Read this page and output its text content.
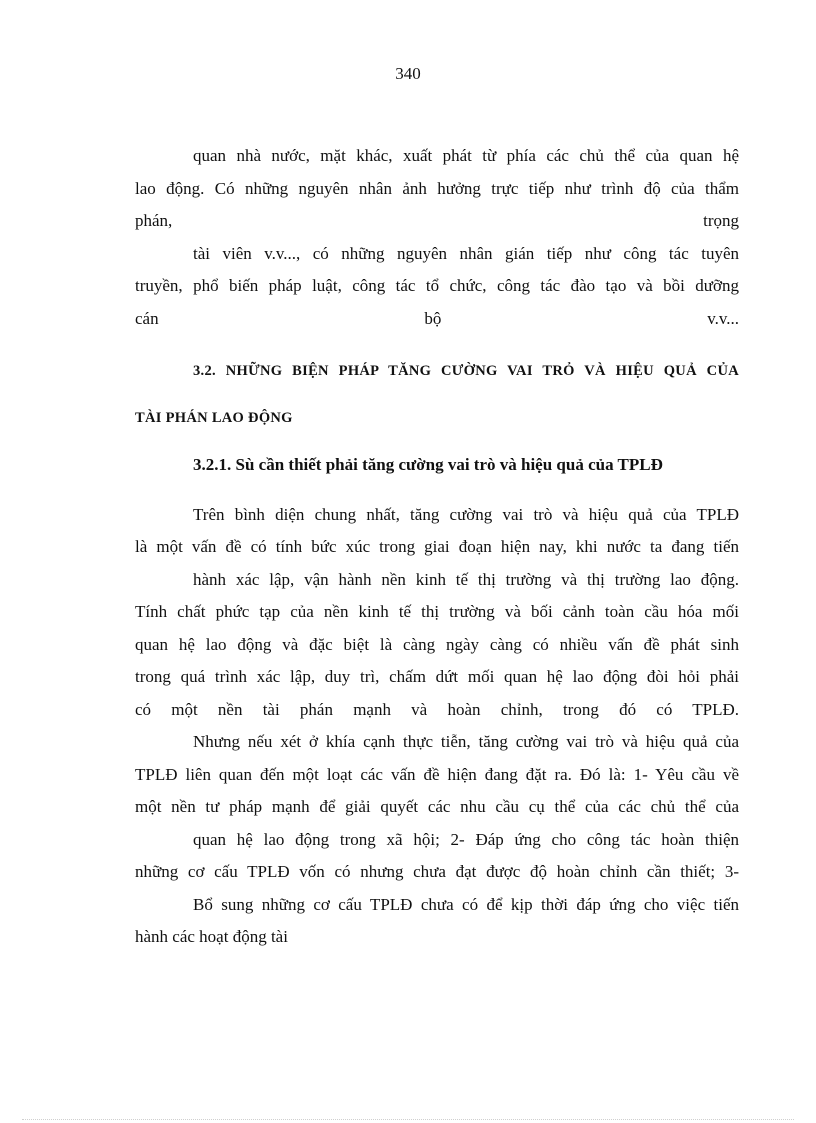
340

quan nhà nước, mặt khác, xuất phát từ phía các chủ thể của quan hệ

lao động. Có những nguyên nhân ảnh hưởng trực tiếp như trình độ của thẩm

phán, trọng

tài viên v.v..., có những nguyên nhân gián tiếp như công tác tuyên

truyền, phổ biến pháp luật, công tác tổ chức, công tác đào tạo và bồi dưỡng

cán bộ v.v...

3.2. NHỮNG BIỆN PHÁP TĂNG CƯỜNG VAI TRỎ VÀ HIỆU QUẢ CỦA

TÀI PHÁN LAO ĐỘNG

3.2.1. Sù cần thiết phải tăng cường vai trò và hiệu quả của TPLĐ

Trên bình diện chung nhất, tăng cường vai trò và hiệu quả của TPLĐ

là một vấn đề có tính bức xúc trong giai đoạn hiện nay, khi nước ta đang tiến

hành xác lập, vận hành nền kinh tế thị trường và thị trường lao động.

Tính chất phức tạp của nền kinh tế thị trường và bối cảnh toàn cầu hóa mối

quan hệ lao động và đặc biệt là càng ngày càng có nhiều vấn đề phát sinh

trong quá trình xác lập, duy trì, chấm dứt mối quan hệ lao động đòi hỏi phải

có một nền tài phán mạnh và hoàn chỉnh, trong đó có TPLĐ.

Nhưng nếu xét ở khía cạnh thực tiễn, tăng cường vai trò và hiệu quả của

TPLĐ liên quan đến một loạt các vấn đề hiện đang đặt ra. Đó là: 1- Yêu cầu về

một nền tư pháp mạnh để giải quyết các nhu cầu cụ thể của các chủ thể của

quan hệ lao động trong xã hội; 2- Đáp ứng cho công tác hoàn thiện

những cơ cấu TPLĐ vốn có nhưng chưa đạt được độ hoàn chỉnh cần thiết; 3-

Bổ sung những cơ cấu TPLĐ chưa có để kịp thời đáp ứng cho việc tiến

hành các hoạt động tài
